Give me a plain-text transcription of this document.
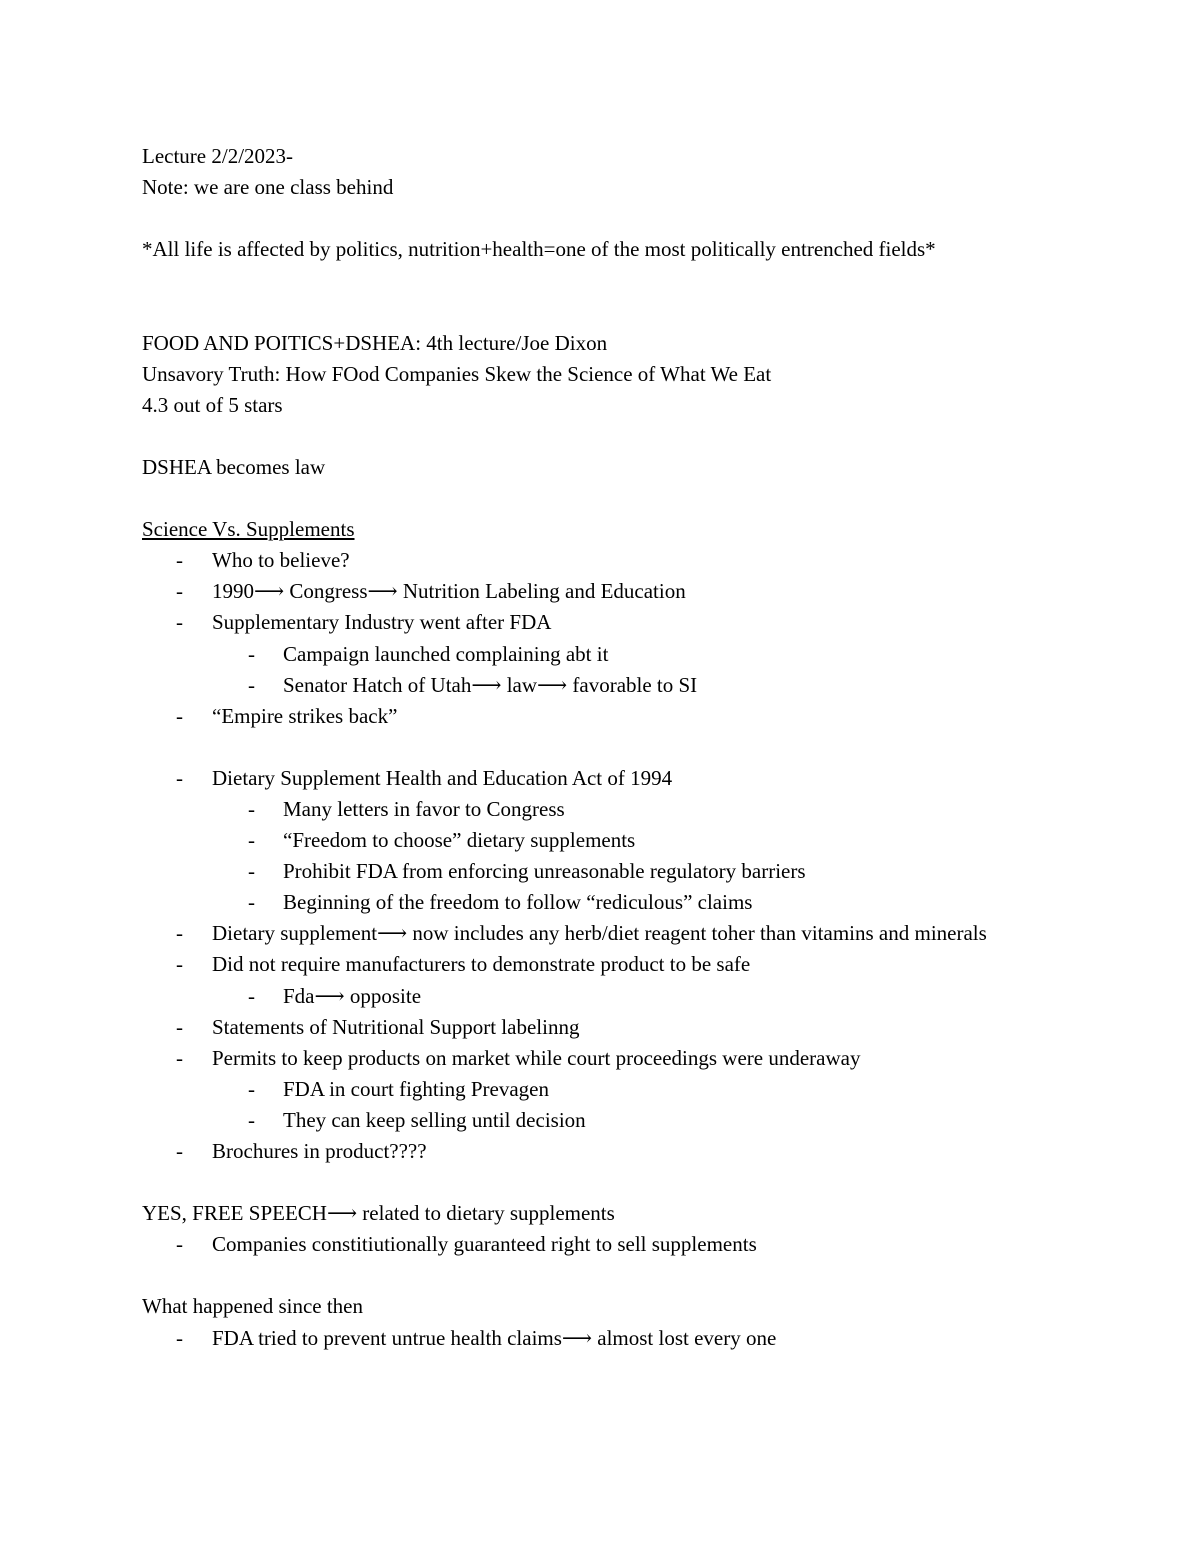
Lecture 2/2/2023-
Note: we are one class behind
*All life is affected by politics, nutrition+health=one of the most politically entrenched fields*
FOOD AND POITICS+DSHEA: 4th lecture/Joe Dixon
Unsavory Truth: How FOod Companies Skew the Science of What We Eat
4.3 out of 5 stars
DSHEA becomes law
Science Vs. Supplements
- Who to believe?
- 1990⟶ Congress⟶ Nutrition Labeling and Education
- Supplementary Industry went after FDA
- Campaign launched complaining abt it
- Senator Hatch of Utah⟶ law⟶ favorable to SI
- “Empire strikes back”
- Dietary Supplement Health and Education Act of 1994
- Many letters in favor to Congress
- “Freedom to choose” dietary supplements
- Prohibit FDA from enforcing unreasonable regulatory barriers
- Beginning of the freedom to follow “rediculous” claims
- Dietary supplement⟶ now includes any herb/diet reagent toher than vitamins and minerals
- Did not require manufacturers to demonstrate product to be safe
- Fda⟶ opposite
- Statements of Nutritional Support labelinng
- Permits to keep products on market while court proceedings were underaway
- FDA in court fighting Prevagen
- They can keep selling until decision
- Brochures in product????
YES, FREE SPEECH⟶ related to dietary supplements
- Companies constitiutionally guaranteed right to sell supplements
What happened since then
- FDA tried to prevent untrue health claims⟶ almost lost every one
